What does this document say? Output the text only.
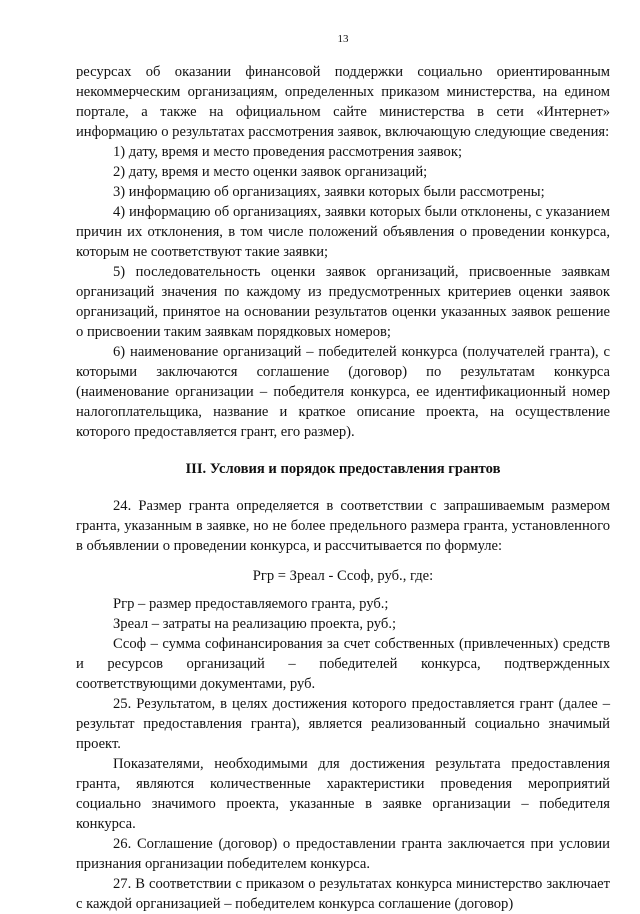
13

ресурсах об оказании финансовой поддержки социально ориентированным некоммерческим организациям, определенных приказом министерства, на едином портале, а также на официальном сайте министерства в сети «Интернет» информацию о результатах рассмотрения заявок, включающую следующие сведения:

1) дату, время и место проведения рассмотрения заявок;

2) дату, время и место оценки заявок организаций;

3) информацию об организациях, заявки которых были рассмотрены;

4) информацию об организациях, заявки которых были отклонены, с указанием причин их отклонения, в том числе положений объявления о проведении конкурса, которым не соответствуют такие заявки;

5) последовательность оценки заявок организаций, присвоенные заявкам организаций значения по каждому из предусмотренных критериев оценки заявок организаций, принятое на основании результатов оценки указанных заявок решение о присвоении таким заявкам порядковых номеров;

6) наименование организаций – победителей конкурса (получателей гранта), с которыми заключаются соглашение (договор) по результатам конкурса (наименование организации – победителя конкурса, ее идентификационный номер налогоплательщика, название и краткое описание проекта, на осуществление которого предоставляется грант, его размер).

III. Условия и порядок предоставления грантов

24. Размер гранта определяется в соответствии с запрашиваемым размером гранта, указанным в заявке, но не более предельного размера гранта, установленного в объявлении о проведении конкурса, и рассчитывается по формуле:

Ргр = Зреал - Ссоф, руб., где:

Ргр – размер предоставляемого гранта, руб.;

Зреал – затраты на реализацию проекта, руб.;

Ссоф – сумма софинансирования за счет собственных (привлеченных) средств и ресурсов организаций – победителей конкурса, подтвержденных соответствующими документами, руб.

25. Результатом, в целях достижения которого предоставляется грант (далее – результат предоставления гранта), является реализованный социально значимый проект.

Показателями, необходимыми для достижения результата предоставления гранта, являются количественные характеристики проведения мероприятий социально значимого проекта, указанные в заявке организации – победителя конкурса.

26. Соглашение (договор) о предоставлении гранта заключается при условии признания организации победителем конкурса.

27. В соответствии с приказом о результатах конкурса министерство заключает с каждой организацией – победителем конкурса соглашение (договор)
